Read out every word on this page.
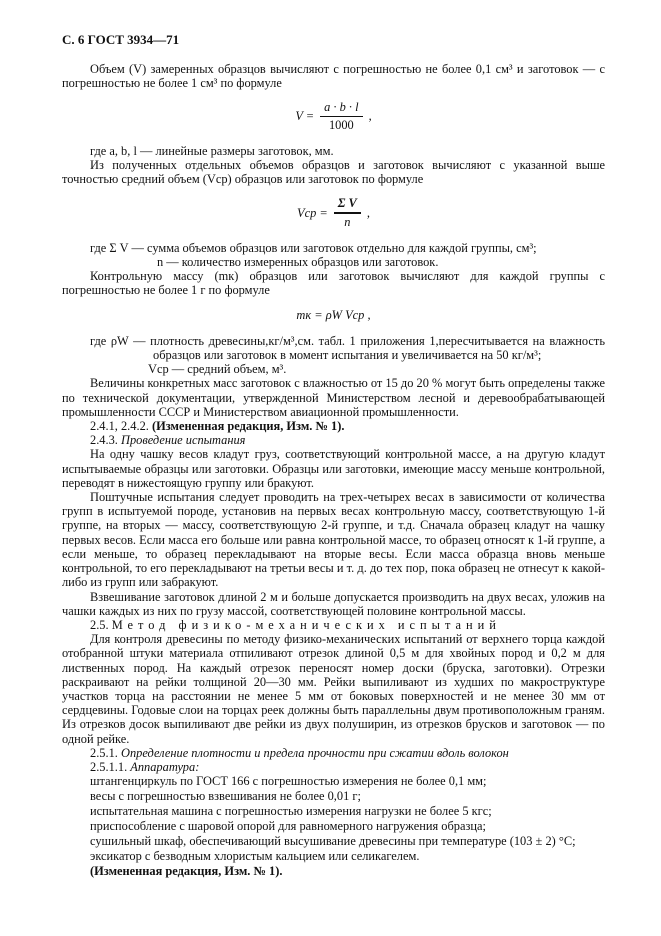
С. 6 ГОСТ 3934—71
Объем (V) замеренных образцов вычисляют с погрешностью не более 0,1 см³ и заготовок — с погрешностью не более 1 см³ по формуле
$V = \frac{a \cdot b \cdot l}{1000}$ ,
где a, b, l — линейные размеры заготовок, мм.
Из полученных отдельных объемов образцов и заготовок вычисляют с указанной выше точностью средний объем (Vср) образцов или заготовок по формуле
Vср = $\frac{\text{Σ V}}{n}$ ,
где Σ V — сумма объемов образцов или заготовок отдельно для каждой группы, см³;
n — количество измеренных образцов или заготовок.
Контрольную массу (mк) образцов или заготовок вычисляют для каждой группы с погрешностью не более 1 г по формуле
mк = ρW Vср ,
где ρW — плотность древесины,кг/м³,см. табл. 1 приложения 1,пересчитывается на влажность образцов или заготовок в момент испытания и увеличивается на 50 кг/м³;
Vср — средний объем, м³.
Величины конкретных масс заготовок с влажностью от 15 до 20 % могут быть определены также по технической документации, утвержденной Министерством лесной и деревообрабатывающей промышленности СССР и Министерством авиационной промышленности.
2.4.1, 2.4.2. (Измененная редакция, Изм. № 1).
2.4.3. Проведение испытания
На одну чашку весов кладут груз, соответствующий контрольной массе, а на другую кладут испытываемые образцы или заготовки. Образцы или заготовки, имеющие массу меньше контрольной, переводят в нижестоящую группу или бракуют.
Поштучные испытания следует проводить на трех-четырех весах в зависимости от количества групп в испытуемой породе, установив на первых весах контрольную массу, соответствующую 1-й группе, на вторых — массу, соответствующую 2-й группе, и т.д. Сначала образец кладут на чашку первых весов. Если масса его больше или равна контрольной массе, то образец относят к 1-й группе, а если меньше, то образец перекладывают на вторые весы. Если масса образца вновь меньше контрольной, то его перекладывают на третьи весы и т. д. до тех пор, пока образец не отнесут к какой-либо из групп или забракуют.
Взвешивание заготовок длиной 2 м и больше допускается производить на двух весах, уложив на чашки каждых из них по грузу массой, соответствующей половине контрольной массы.
2.5. Метод физико-механических испытаний
Для контроля древесины по методу физико-механических испытаний от верхнего торца каждой отобранной штуки материала отпиливают отрезок длиной 0,5 м для хвойных пород и 0,2 м для лиственных пород. На каждый отрезок переносят номер доски (бруска, заготовки). Отрезки раскраивают на рейки толщиной 20—30 мм. Рейки выпиливают из худших по макроструктуре участков торца на расстоянии не менее 5 мм от боковых поверхностей и не менее 30 мм от сердцевины. Годовые слои на торцах реек должны быть параллельны двум противоположным граням. Из отрезков досок выпиливают две рейки из двух полуширин, из отрезков брусков и заготовок — по одной рейке.
2.5.1. Определение плотности и предела прочности при сжатии вдоль волокон
2.5.1.1. Аппаратура:
штангенциркуль по ГОСТ 166 с погрешностью измерения не более 0,1 мм;
весы с погрешностью взвешивания не более 0,01 г;
испытательная машина с погрешностью измерения нагрузки не более 5 кгс;
приспособление с шаровой опорой для равномерного нагружения образца;
сушильный шкаф, обеспечивающий высушивание древесины при температуре (103 ± 2) °С;
эксикатор с безводным хлористым кальцием или селикагелем.
(Измененная редакция, Изм. № 1).
